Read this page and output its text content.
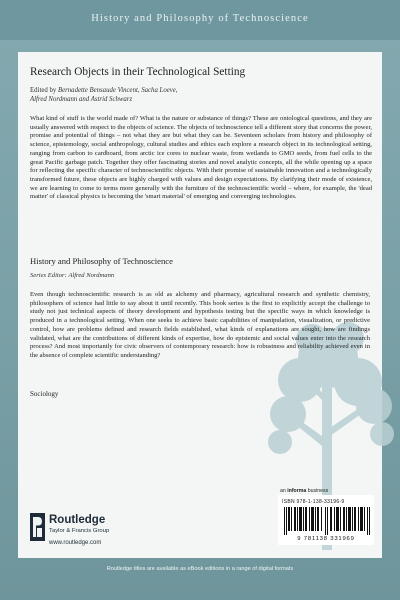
History and Philosophy of Technoscience
Research Objects in their Technological Setting
Edited by Bernadette Bensaude Vincent, Sacha Loeve,
Alfred Nordmann and Astrid Schwarz
What kind of stuff is the world made of? What is the nature or substance of things? These are ontological questions, and they are usually answered with respect to the objects of science. The objects of technoscience tell a different story that concerns the power, promise and potential of things – not what they are but what they can be. Seventeen scholars from history and philosophy of science, epistemology, social anthropology, cultural studies and ethics each explore a research object in its technological setting, ranging from carbon to cardboard, from arctic ice cores to nuclear waste, from wetlands to GMO seeds, from fuel cells to the great Pacific garbage patch. Together they offer fascinating stories and novel analytic concepts, all the while opening up a space for reflecting the specific character of technoscientific objects. With their promise of sustainable innovation and a technologically transformed future, these objects are highly charged with values and design expectations. By clarifying their mode of existence, we are learning to come to terms more generally with the furniture of the technoscientific world – where, for example, the 'dead matter' of classical physics is becoming the 'smart material' of emerging and converging technologies.
History and Philosophy of Technoscience
Series Editor: Alfred Nordmann
Even though technoscientific research is as old as alchemy and pharmacy, agricultural research and synthetic chemistry, philosophers of science had little to say about it until recently. This book series is the first to explicitly accept the challenge to study not just technical aspects of theory development and hypothesis testing but the specific ways in which knowledge is produced in a technological setting. When one seeks to achieve basic capabilities of manipulation, visualization, or predictive control, how are problems defined and research fields established, what kinds of explanations are sought, how are findings validated, what are the contributions of different kinds of expertise, how do epistemic and social values enter into the research process? And most importantly for civic observers of contemporary research: how is robustness and reliability achieved even in the absence of complete scientific understanding?
Sociology
Routledge
Taylor & Francis Group
www.routledge.com
an informa business
ISBN 978-1-138-33196-9
9 781138 331969
Routledge titles are available as eBook editions in a range of digital formats
